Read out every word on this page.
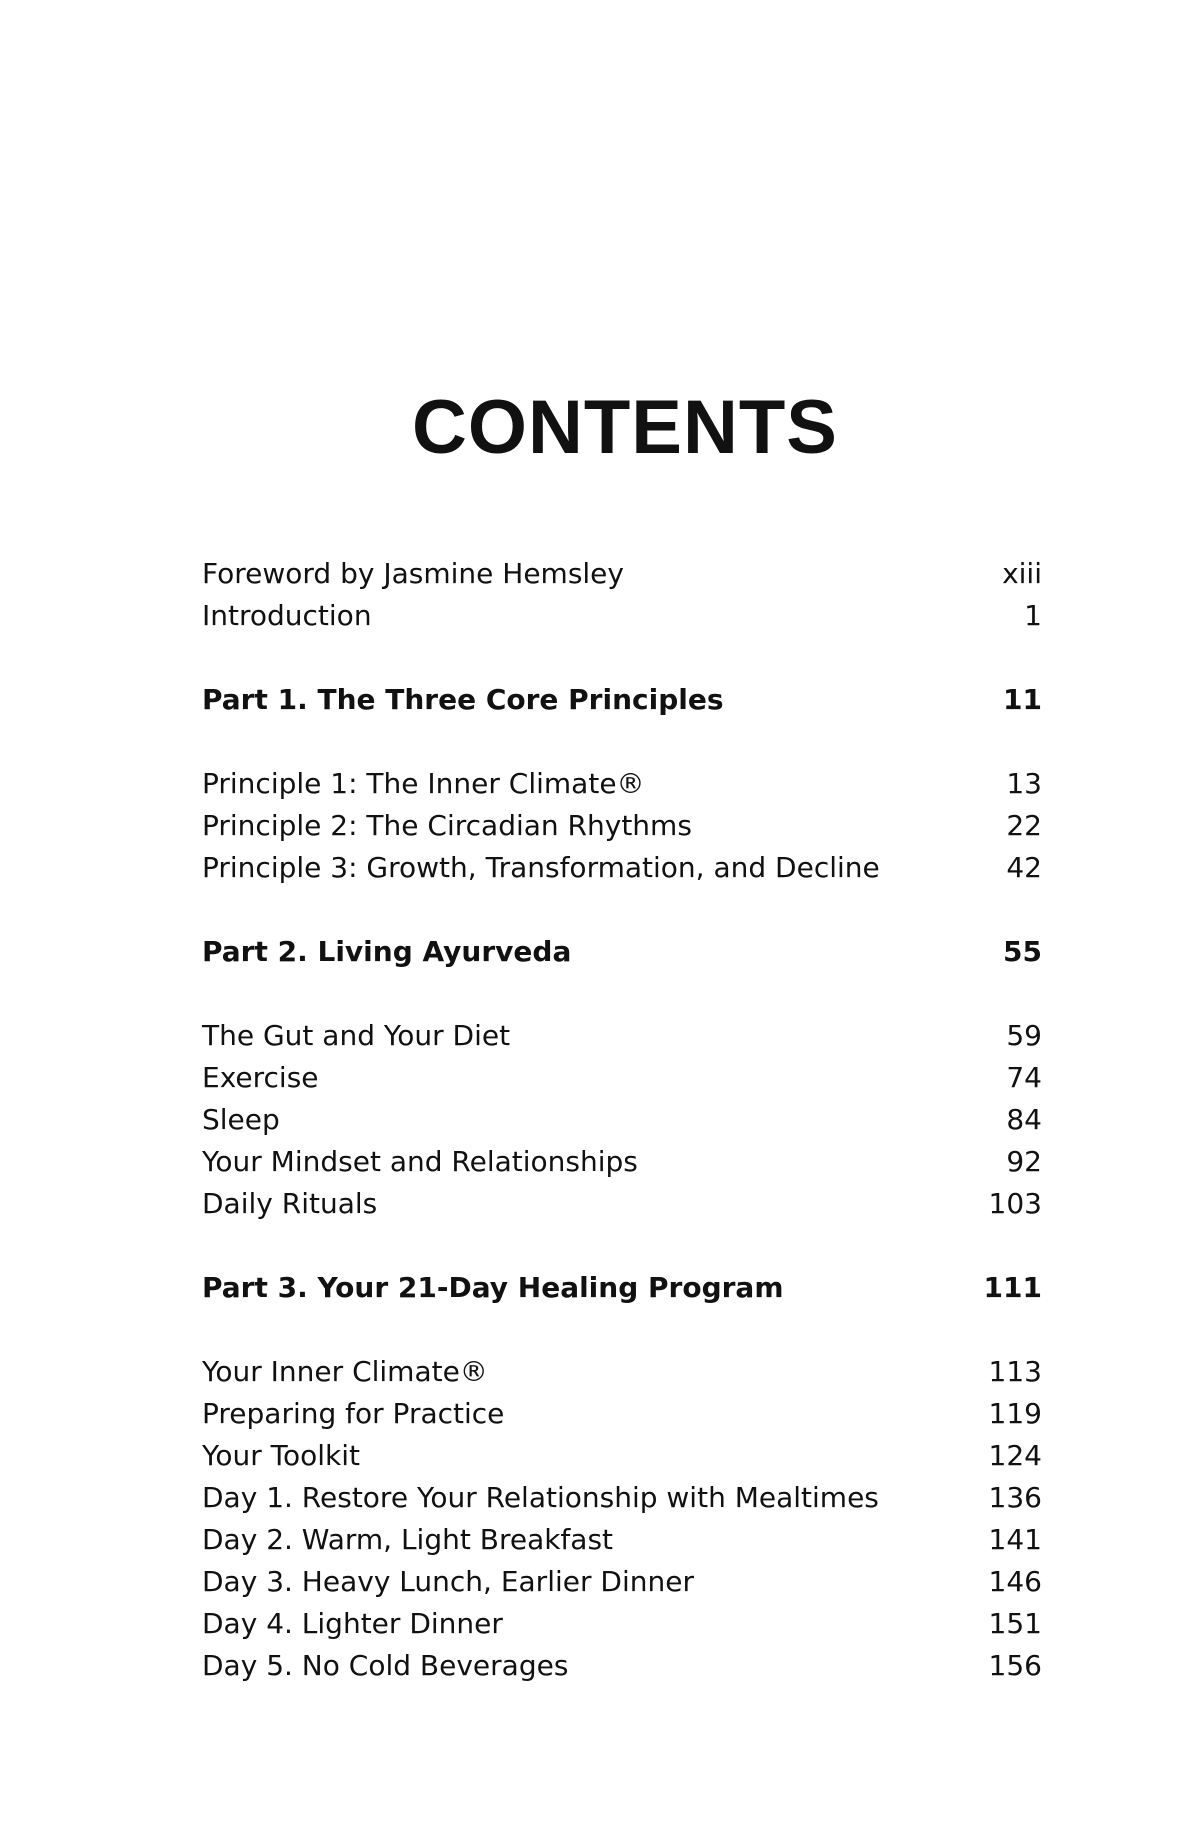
CONTENTS
Foreword by Jasmine Hemsley	xiii
Introduction	1
Part 1. The Three Core Principles	11
Principle 1: The Inner Climate®	13
Principle 2: The Circadian Rhythms	22
Principle 3: Growth, Transformation, and Decline	42
Part 2. Living Ayurveda	55
The Gut and Your Diet	59
Exercise	74
Sleep	84
Your Mindset and Relationships	92
Daily Rituals	103
Part 3. Your 21-Day Healing Program	111
Your Inner Climate®	113
Preparing for Practice	119
Your Toolkit	124
Day 1. Restore Your Relationship with Mealtimes	136
Day 2. Warm, Light Breakfast	141
Day 3. Heavy Lunch, Earlier Dinner	146
Day 4. Lighter Dinner	151
Day 5. No Cold Beverages	156
